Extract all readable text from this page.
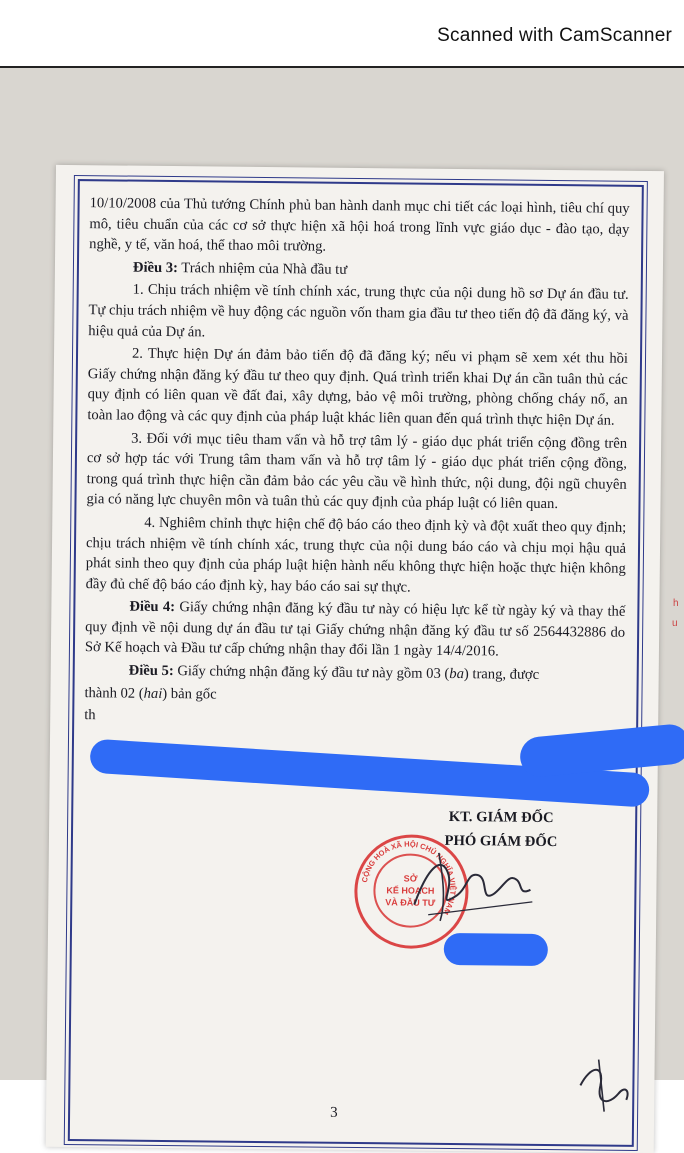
Scanned with CamScanner

10/10/2008 của Thủ tướng Chính phủ ban hành danh mục chi tiết các loại hình, tiêu chí quy mô, tiêu chuẩn của các cơ sở thực hiện xã hội hoá trong lĩnh vực giáo dục - đào tạo, dạy nghề, y tế, văn hoá, thể thao môi trường.

Điều 3: Trách nhiệm của Nhà đầu tư

1. Chịu trách nhiệm về tính chính xác, trung thực của nội dung hồ sơ Dự án đầu tư. Tự chịu trách nhiệm về huy động các nguồn vốn tham gia đầu tư theo tiến độ đã đăng ký, và hiệu quả của Dự án.

2. Thực hiện Dự án đảm bảo tiến độ đã đăng ký; nếu vi phạm sẽ xem xét thu hồi Giấy chứng nhận đăng ký đầu tư theo quy định. Quá trình triển khai Dự án cần tuân thủ các quy định có liên quan về đất đai, xây dựng, bảo vệ môi trường, phòng chống cháy nổ, an toàn lao động và các quy định của pháp luật khác liên quan đến quá trình thực hiện Dự án.

3. Đối với mục tiêu tham vấn và hỗ trợ tâm lý - giáo dục phát triển cộng đồng trên cơ sở hợp tác với Trung tâm tham vấn và hỗ trợ tâm lý - giáo dục phát triển cộng đồng, trong quá trình thực hiện cần đảm bảo các yêu cầu về hình thức, nội dung, đội ngũ chuyên gia có năng lực chuyên môn và tuân thủ các quy định của pháp luật có liên quan.

4. Nghiêm chỉnh thực hiện chế độ báo cáo theo định kỳ và đột xuất theo quy định; chịu trách nhiệm về tính chính xác, trung thực của nội dung báo cáo và chịu mọi hậu quả phát sinh theo quy định của pháp luật hiện hành nếu không thực hiện hoặc thực hiện không đầy đủ chế độ báo cáo định kỳ, hay báo cáo sai sự thực.

Điều 4: Giấy chứng nhận đăng ký đầu tư này có hiệu lực kể từ ngày ký và thay thế quy định về nội dung dự án đầu tư tại Giấy chứng nhận đăng ký đầu tư số 2564432886 do Sở Kế hoạch và Đầu tư cấp chứng nhận thay đổi lần 1 ngày 14/4/2016.

Điều 5: Giấy chứng nhận đăng ký đầu tư này gồm 03 (ba) trang, được

thành 02 (hai) bản gốc

th

KT. GIÁM ĐỐC
PHÓ GIÁM ĐỐC
CỘNG HOÀ XÃ HỘI CHỦ NGHĨA VIỆT NAM
SỞ
KẾ HOẠCH
VÀ ĐẦU TƯ
3
h
u
